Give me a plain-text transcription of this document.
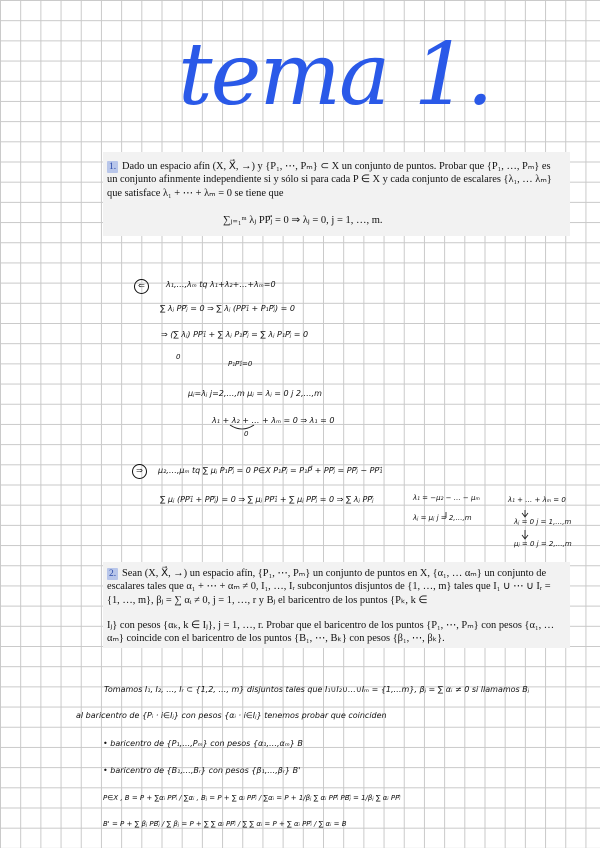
tema 1.
1. Dado un espacio afín (X, X⃗, →) y {P₁, ⋯, Pₘ} ⊂ X un conjunto de puntos. Probar que {P₁, …, Pₘ} es un conjunto afinmente independiente si y sólo si para cada P ∈ X y cada conjunto de escalares {λ₁, … λₘ} que satisface λ₁ + ⋯ + λₘ = 0 se tiene que
∑ⱼ₌₁ᵐ λⱼ PPⱼ⃗ = 0 ⇒ λⱼ = 0, j = 1, …, m.
⇐	λ₁,…,λₘ tq λ₁+λ₂+…+λₘ=0
∑ λⱼ PPⱼ⃗ = 0 ⇒ ∑ λⱼ (PP₁⃗ + P₁Pⱼ⃗) = 0
⇒ (∑ λⱼ) PP₁⃗ + ∑ λⱼ P₁Pⱼ⃗ = ∑ λⱼ P₁Pⱼ⃗ = 0
0
P₁P₁⃗=0
μⱼ=λⱼ j=2,…,m μⱼ = λⱼ = 0 j 2,…,m
λ₁ + λ₂ + … + λₘ = 0 ⇒ λ₁ = 0
0
⇒	μ₂,…,μₘ tq ∑ μⱼ P₁Pⱼ⃗ = 0 P∈X P₁Pⱼ⃗ = P₁P⃗ + PPⱼ⃗ = PPⱼ⃗ − PP₁⃗
∑ μⱼ (PP₁⃗ + PPⱼ⃗) = 0 ⇒ ∑ μⱼ PP₁⃗ + ∑ μⱼ PPⱼ⃗ = 0 ⇒ ∑ λⱼ PPⱼ⃗	λ₁ = −μ₂ − … − μₘ	λ₁ + … + λₘ = 0
λⱼ = μⱼ j = 2,…,m	λⱼ = 0 j = 1,…,m
μⱼ = 0 j = 2,…,m
2. Sean (X, X⃗, →) un espacio afín, {P₁, ⋯, Pₘ} un conjunto de puntos en X, {α₁, … αₘ} un conjunto de escalares tales que α₁ + ⋯ + αₘ ≠ 0, I₁, …, Iᵣ subconjuntos disjuntos de {1, …, m} tales que I₁ ∪ ⋯ ∪ Iᵣ = {1, …, m}, βⱼ = ∑ αᵢ ≠ 0, j = 1, …, r y Bⱼ el baricentro de los puntos {Pₖ, k ∈
Iⱼ} con pesos {αₖ, k ∈ Iⱼ}, j = 1, …, r. Probar que el baricentro de los puntos {P₁, ⋯, Pₘ} con pesos {α₁, … αₘ} coincide con el baricentro de los puntos {B₁, ⋯, Bₖ} con pesos {β₁, ⋯, βₖ}.
Tomamos I₁, I₂, …, Iᵣ ⊂ {1,2, …, m} disjuntos tales que I₁∪I₂∪…∪Iₘ = {1,…m}, βⱼ = ∑ αᵢ ≠ 0 si llamamos Bⱼ
al baricentro de {Pᵢ · i∈Iⱼ} con pesos {αᵢ · i∈Iⱼ} tenemos probar que coinciden
• baricentro de {P₁,…,Pₘ} con pesos {α₁,…,αₘ} B
• baricentro de {B₁,…,Bᵣ} con pesos {β₁,…,βᵣ} B'
P∈X , B = P + ∑αᵢ PPᵢ⃗ / ∑αᵢ , Bⱼ = P + ∑ αᵢ PPᵢ⃗ / ∑αᵢ = P + 1/βⱼ ∑ αᵢ PPᵢ⃗ PBⱼ⃗ = 1/βⱼ ∑ αᵢ PPᵢ⃗
B' = P + ∑ βⱼ PBⱼ⃗ / ∑ βⱼ = P + ∑ ∑ αᵢ PPᵢ⃗ / ∑ ∑ αᵢ = P + ∑ αᵢ PPᵢ⃗ / ∑ αᵢ = B
